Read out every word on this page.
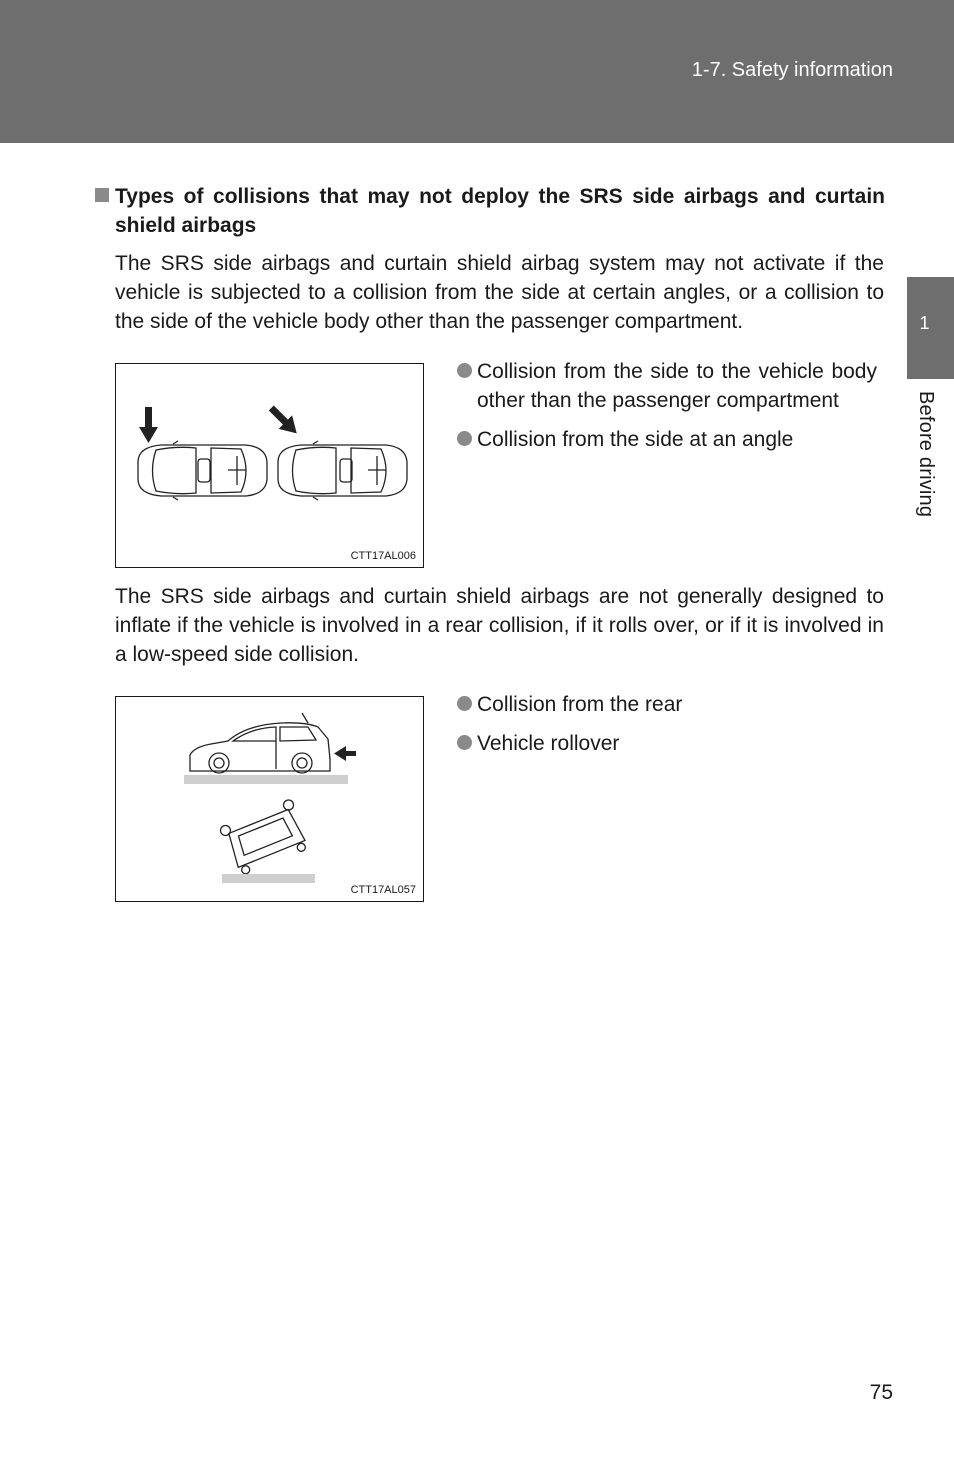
1-7. Safety information
1
Before driving
Types of collisions that may not deploy the SRS side airbags and curtain shield airbags
The SRS side airbags and curtain shield airbag system may not activate if the vehicle is subjected to a collision from the side at certain angles, or a collision to the side of the vehicle body other than the passenger compartment.
CTT17AL006
Collision from the side to the vehicle body other than the passenger compartment
Collision from the side at an angle
The SRS side airbags and curtain shield airbags are not generally designed to inflate if the vehicle is involved in a rear collision, if it rolls over, or if it is involved in a low-speed side collision.
CTT17AL057
Collision from the rear
Vehicle rollover
75
